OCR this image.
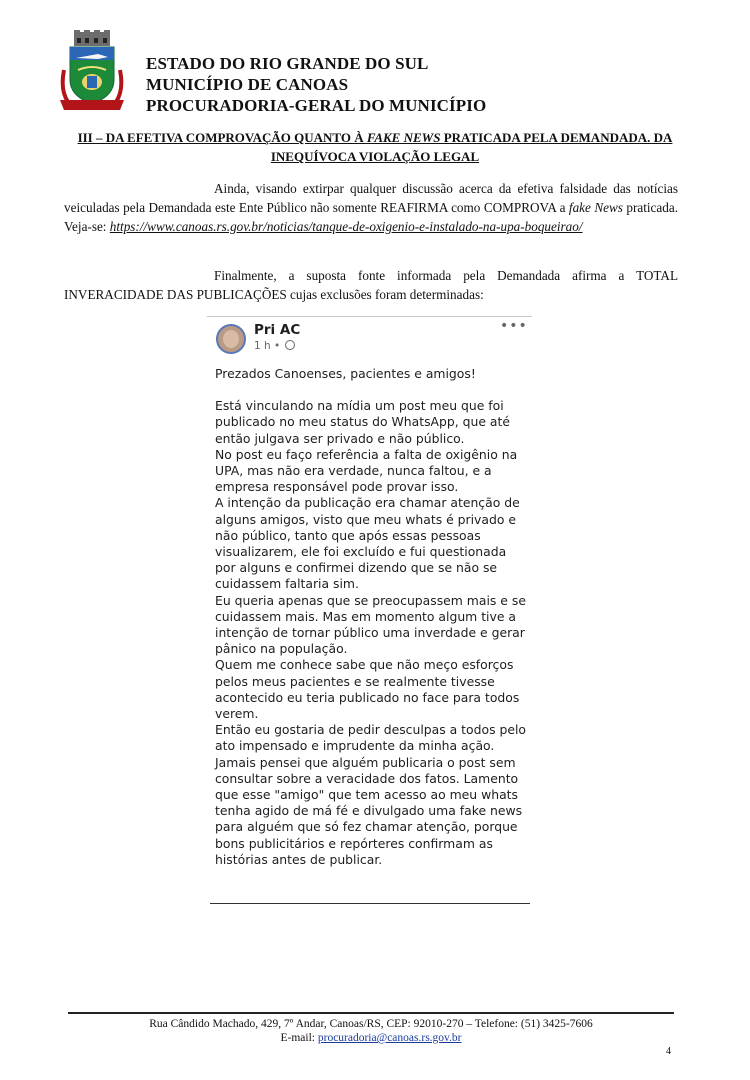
ESTADO DO RIO GRANDE DO SUL
MUNICÍPIO DE CANOAS
PROCURADORIA-GERAL DO MUNICÍPIO
III – DA EFETIVA COMPROVAÇÃO QUANTO À FAKE NEWS PRATICADA PELA DEMANDADA. DA INEQUÍVOCA VIOLAÇÃO LEGAL
Ainda, visando extirpar qualquer discussão acerca da efetiva falsidade das notícias veiculadas pela Demandada este Ente Público não somente REAFIRMA como COMPROVA a fake News praticada. Veja-se: https://www.canoas.rs.gov.br/noticias/tanque-de-oxigenio-e-instalado-na-upa-boqueirao/
Finalmente, a suposta fonte informada pela Demandada afirma a TOTAL INVERACIDADE DAS PUBLICAÇÕES cujas exclusões foram determinadas:
Pri AC
1 h •
•••

Prezados Canoenses, pacientes e amigos!

Está vinculando na mídia um post meu que foi publicado no meu status do WhatsApp, que até então julgava ser privado e não público.

No post eu faço referência a falta de oxigênio na UPA, mas não era verdade, nunca faltou, e a empresa responsável pode provar isso.

A intenção da publicação era chamar atenção de alguns amigos, visto que meu whats é privado e não público, tanto que após essas pessoas visualizarem, ele foi excluído e fui questionada por alguns e confirmei dizendo que se não se cuidassem faltaria sim.

Eu queria apenas que se preocupassem mais e se cuidassem mais. Mas em momento algum tive a intenção de tornar público uma inverdade e gerar pânico na população.

Quem me conhece sabe que não meço esforços pelos meus pacientes e se realmente tivesse acontecido eu teria publicado no face para todos verem.

Então eu gostaria de pedir desculpas a todos pelo ato impensado e imprudente da minha ação. Jamais pensei que alguém publicaria o post sem consultar sobre a veracidade dos fatos. Lamento que esse "amigo" que tem acesso ao meu whats tenha agido de má fé e divulgado uma fake news para alguém que só fez chamar atenção, porque bons publicitários e repórteres confirmam as histórias antes de publicar.

Rua Cândido Machado, 429, 7º Andar, Canoas/RS, CEP: 92010-270 – Telefone: (51) 3425-7606
E-mail: procuradoria@canoas.rs.gov.br
4
